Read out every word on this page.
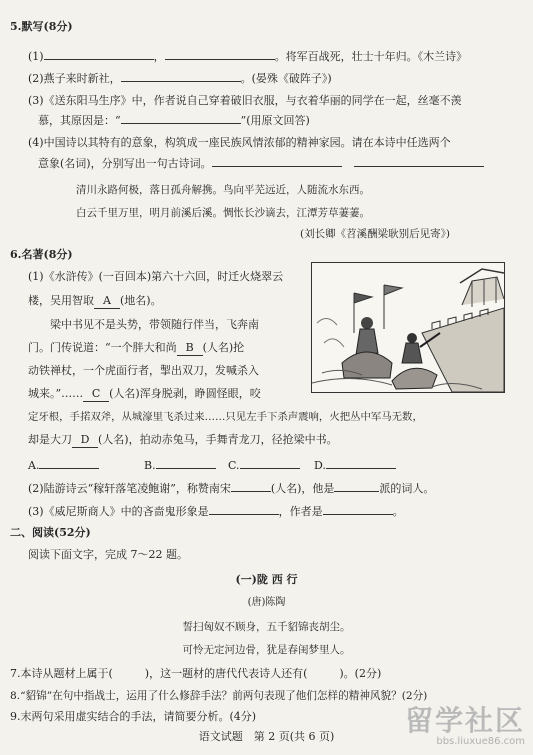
5.默写(8分)
(1)	，	。将军百战死，壮士十年归。《木兰诗》
(2)燕子来时新社，	。(晏殊《破阵子》)
(3)《送东阳马生序》中，作者说自己穿着破旧衣服，与衣着华丽的同学在一起，丝毫不羡
慕，其原因是：“	”(用原文回答)
(4)中国诗以其特有的意象，构筑成一座民族风情浓郁的精神家园。请在本诗中任选两个
意象(名词)，分别写出一句古诗词。
清川永路何极，落日孤舟解携。鸟向平芜远近，人随流水东西。
白云千里万里，明月前溪后溪。惆怅长沙谪去，江潭芳草萋萋。
(刘长卿《苕溪酬梁耿别后见寄》)
6.名著(8分)
(1)《水浒传》(一百回本)第六十六回，时迁火烧翠云
楼，吴用智取 A (地名)。
梁中书见不是头势，带领随行伴当，飞奔南
门。门传说道：“一个胖大和尚 B (人名)抡
动铁禅杖，一个虎面行者，掣出双刀，发喊杀入
城来。”…… C (人名)浑身脱剥，睁圆怪眼，咬
定牙根，手掿双斧，从城濠里飞杀过来……只见左手下杀声震响，火把丛中军马无数，
却是大刀 D (人名)，拍动赤兔马，手舞青龙刀，径抢梁中书。
A.	B.	C.	D.
(2)陆游诗云“稼轩落笔凌鲍谢”，称赞南宋	(人名)，他是	派的词人。
(3)《威尼斯商人》中的吝啬鬼形象是	，作者是	。
二、阅读(52分)
阅读下面文字，完成 7～22 题。
(一)陇 西 行
(唐)陈陶
誓扫匈奴不顾身，五千貂锦丧胡尘。
可怜无定河边骨，犹是春闺梦里人。
7.本诗从题材上属于(	)，这一题材的唐代代表诗人还有(	)。(2分)
8.“貂锦”在句中指战士，运用了什么修辞手法？前两句表现了他们怎样的精神风貌？(2分)
9.末两句采用虚实结合的手法，请简要分析。(4分)
语文试题　第 2 页(共 6 页)	留学社区
bbs.liuxue86.com
